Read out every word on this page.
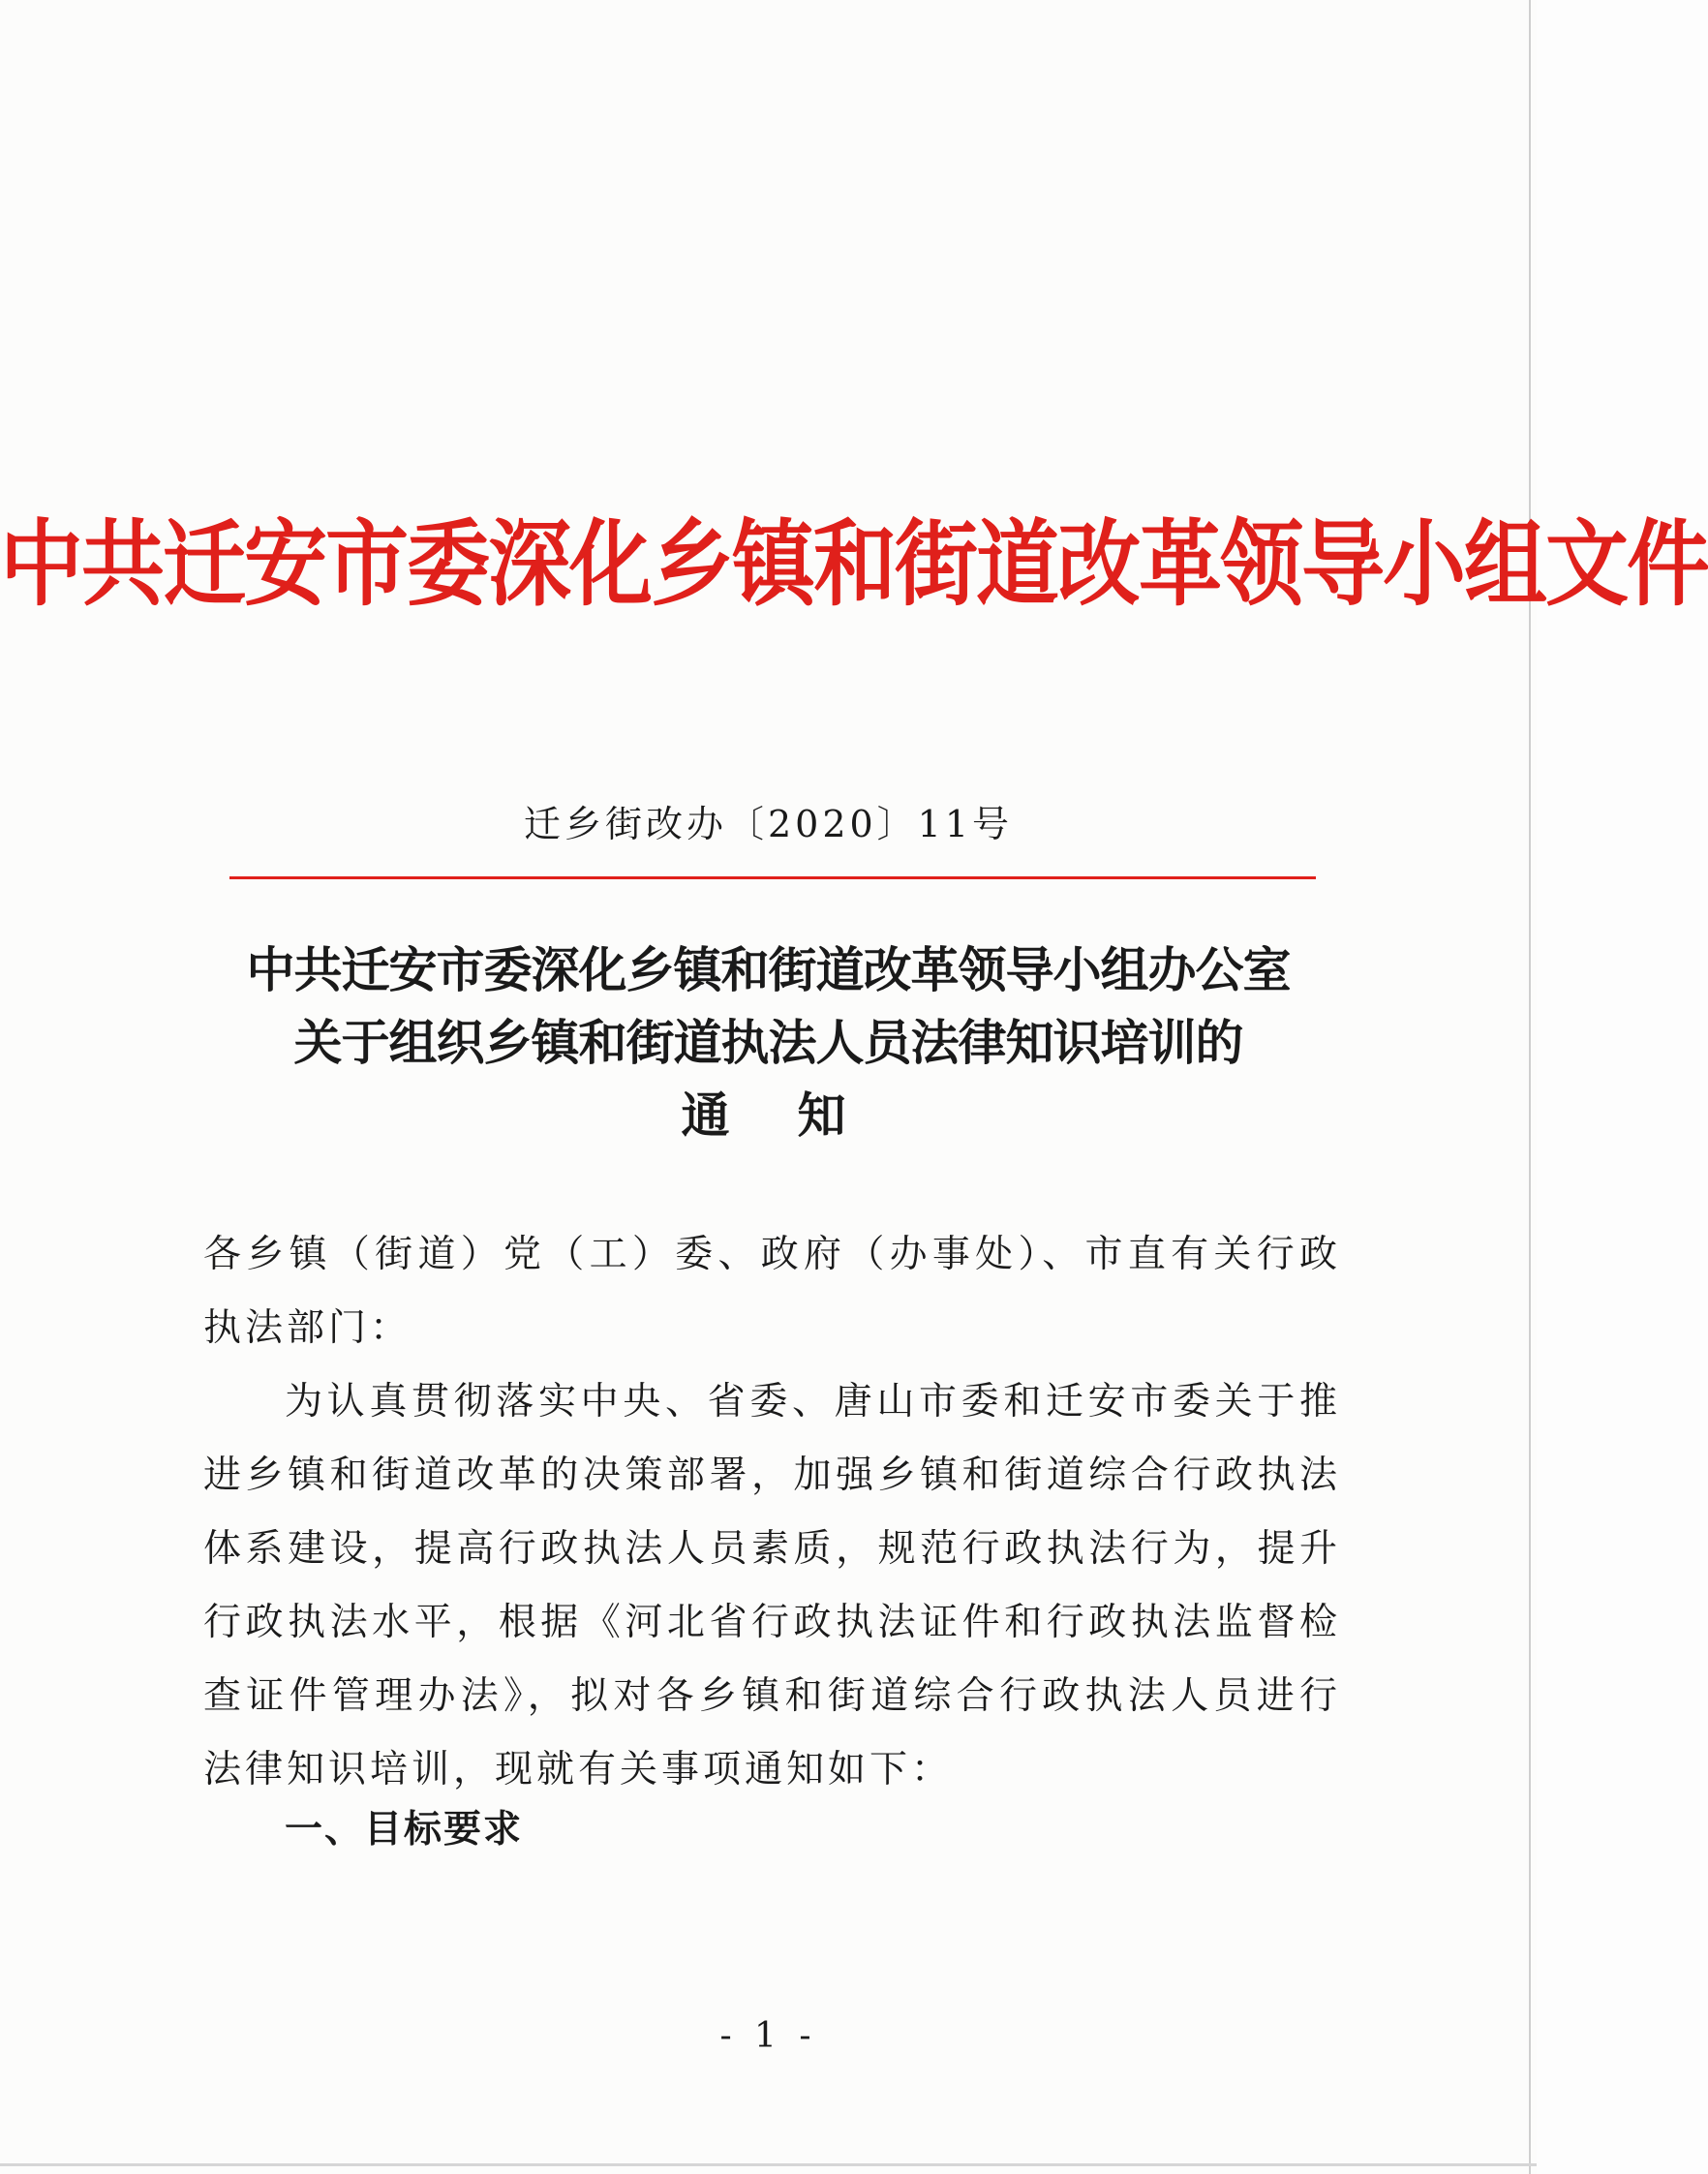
中共迁安市委深化乡镇和街道改革领导小组文件
迁乡街改办〔2020〕11号
中共迁安市委深化乡镇和街道改革领导小组办公室
关于组织乡镇和街道执法人员法律知识培训的
通知
各乡镇（街道）党（工）委、政府（办事处）、市直有关行政执法部门：
为认真贯彻落实中央、省委、唐山市委和迁安市委关于推进乡镇和街道改革的决策部署，加强乡镇和街道综合行政执法体系建设，提高行政执法人员素质，规范行政执法行为，提升行政执法水平，根据《河北省行政执法证件和行政执法监督检查证件管理办法》，拟对各乡镇和街道综合行政执法人员进行法律知识培训，现就有关事项通知如下：
一、目标要求
- 1 -
